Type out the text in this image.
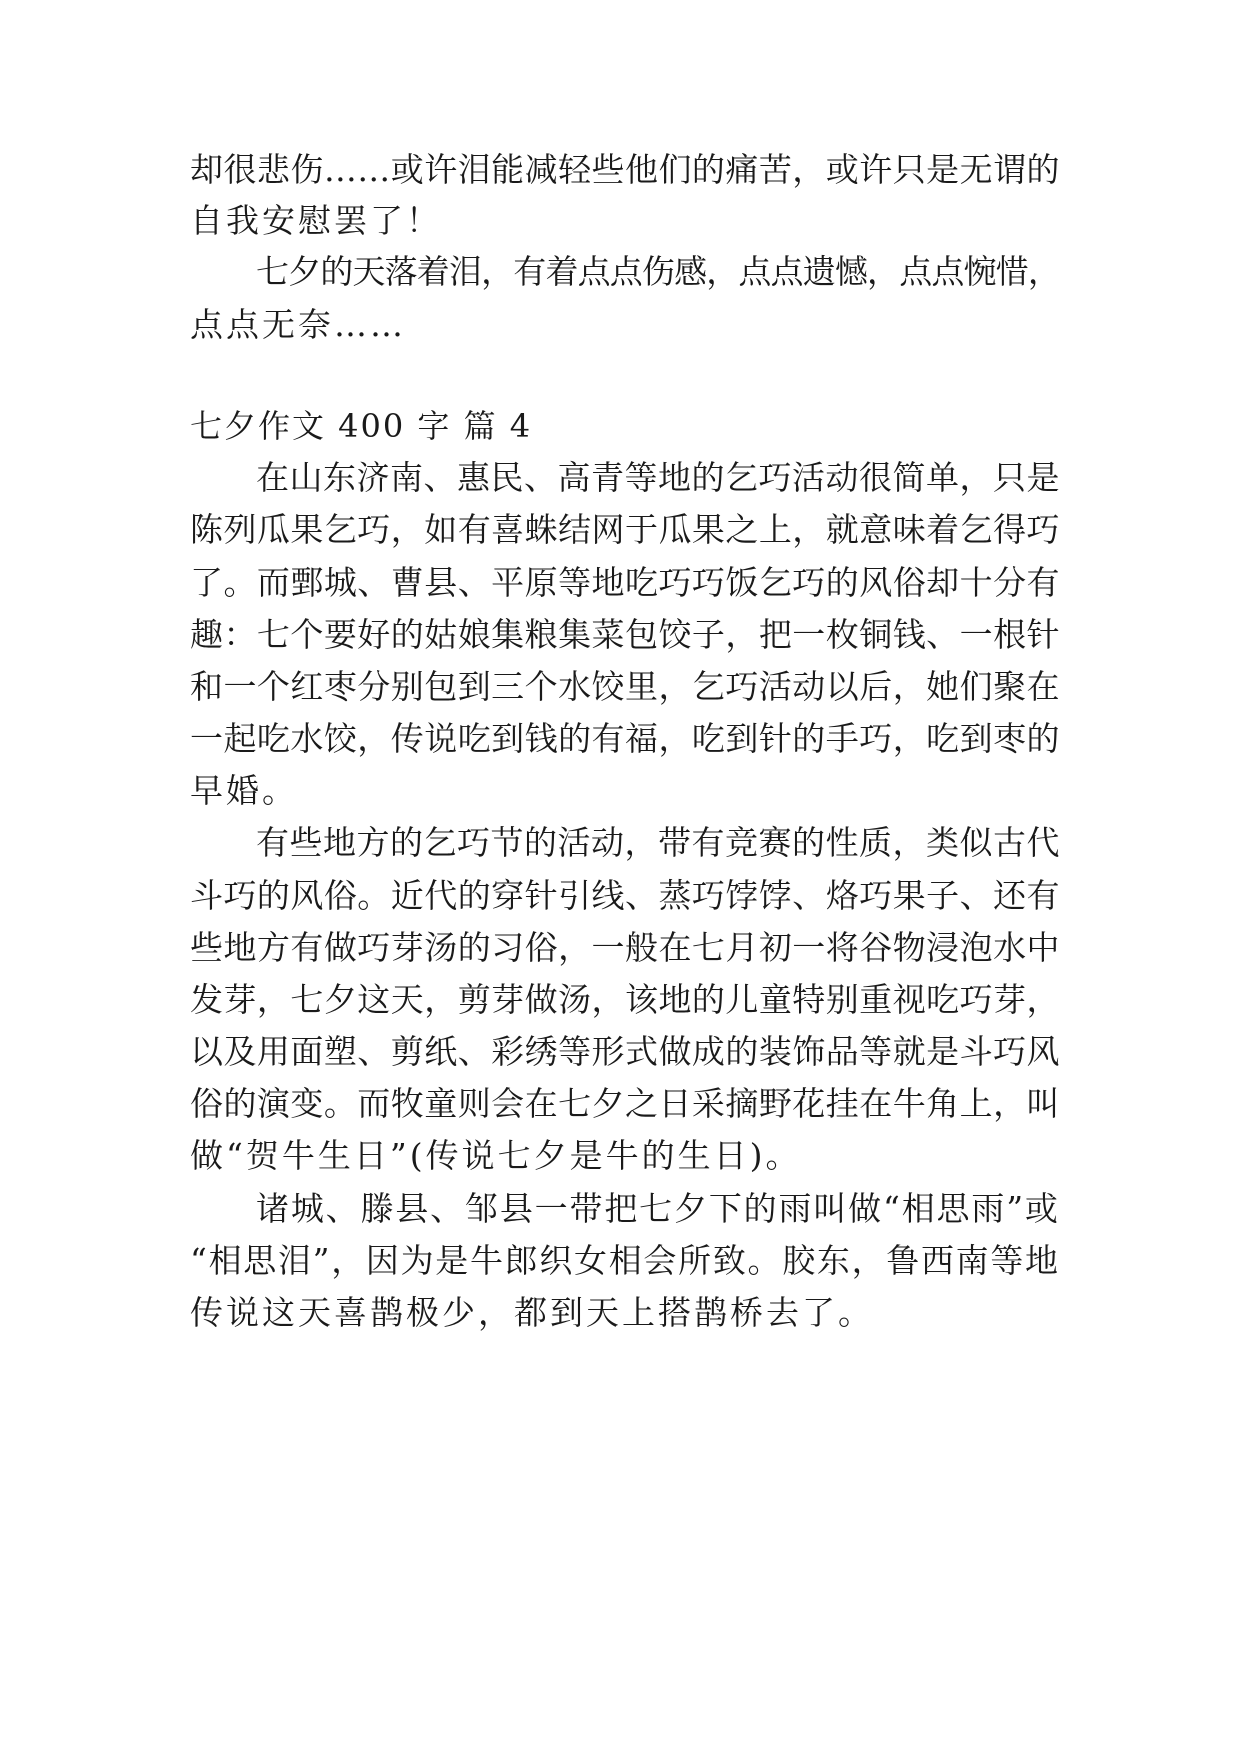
却很悲伤……或许泪能减轻些他们的痛苦，或许只是无谓的
自我安慰罢了！
七夕的天落着泪，有着点点伤感，点点遗憾，点点惋惜，
点点无奈……
七夕作文 400 字 篇 4
在山东济南、惠民、高青等地的乞巧活动很简单，只是
陈列瓜果乞巧，如有喜蛛结网于瓜果之上，就意味着乞得巧
了。而鄄城、曹县、平原等地吃巧巧饭乞巧的风俗却十分有
趣：七个要好的姑娘集粮集菜包饺子，把一枚铜钱、一根针
和一个红枣分别包到三个水饺里，乞巧活动以后，她们聚在
一起吃水饺，传说吃到钱的有福，吃到针的手巧，吃到枣的
早婚。
有些地方的乞巧节的活动，带有竞赛的性质，类似古代
斗巧的风俗。近代的穿针引线、蒸巧饽饽、烙巧果子、还有
些地方有做巧芽汤的习俗，一般在七月初一将谷物浸泡水中
发芽，七夕这天，剪芽做汤，该地的儿童特别重视吃巧芽，
以及用面塑、剪纸、彩绣等形式做成的装饰品等就是斗巧风
俗的演变。而牧童则会在七夕之日采摘野花挂在牛角上，叫
做“贺牛生日”(传说七夕是牛的生日)。
诸城、滕县、邹县一带把七夕下的雨叫做“相思雨”或
“相思泪”，因为是牛郎织女相会所致。胶东，鲁西南等地
传说这天喜鹊极少，都到天上搭鹊桥去了。
